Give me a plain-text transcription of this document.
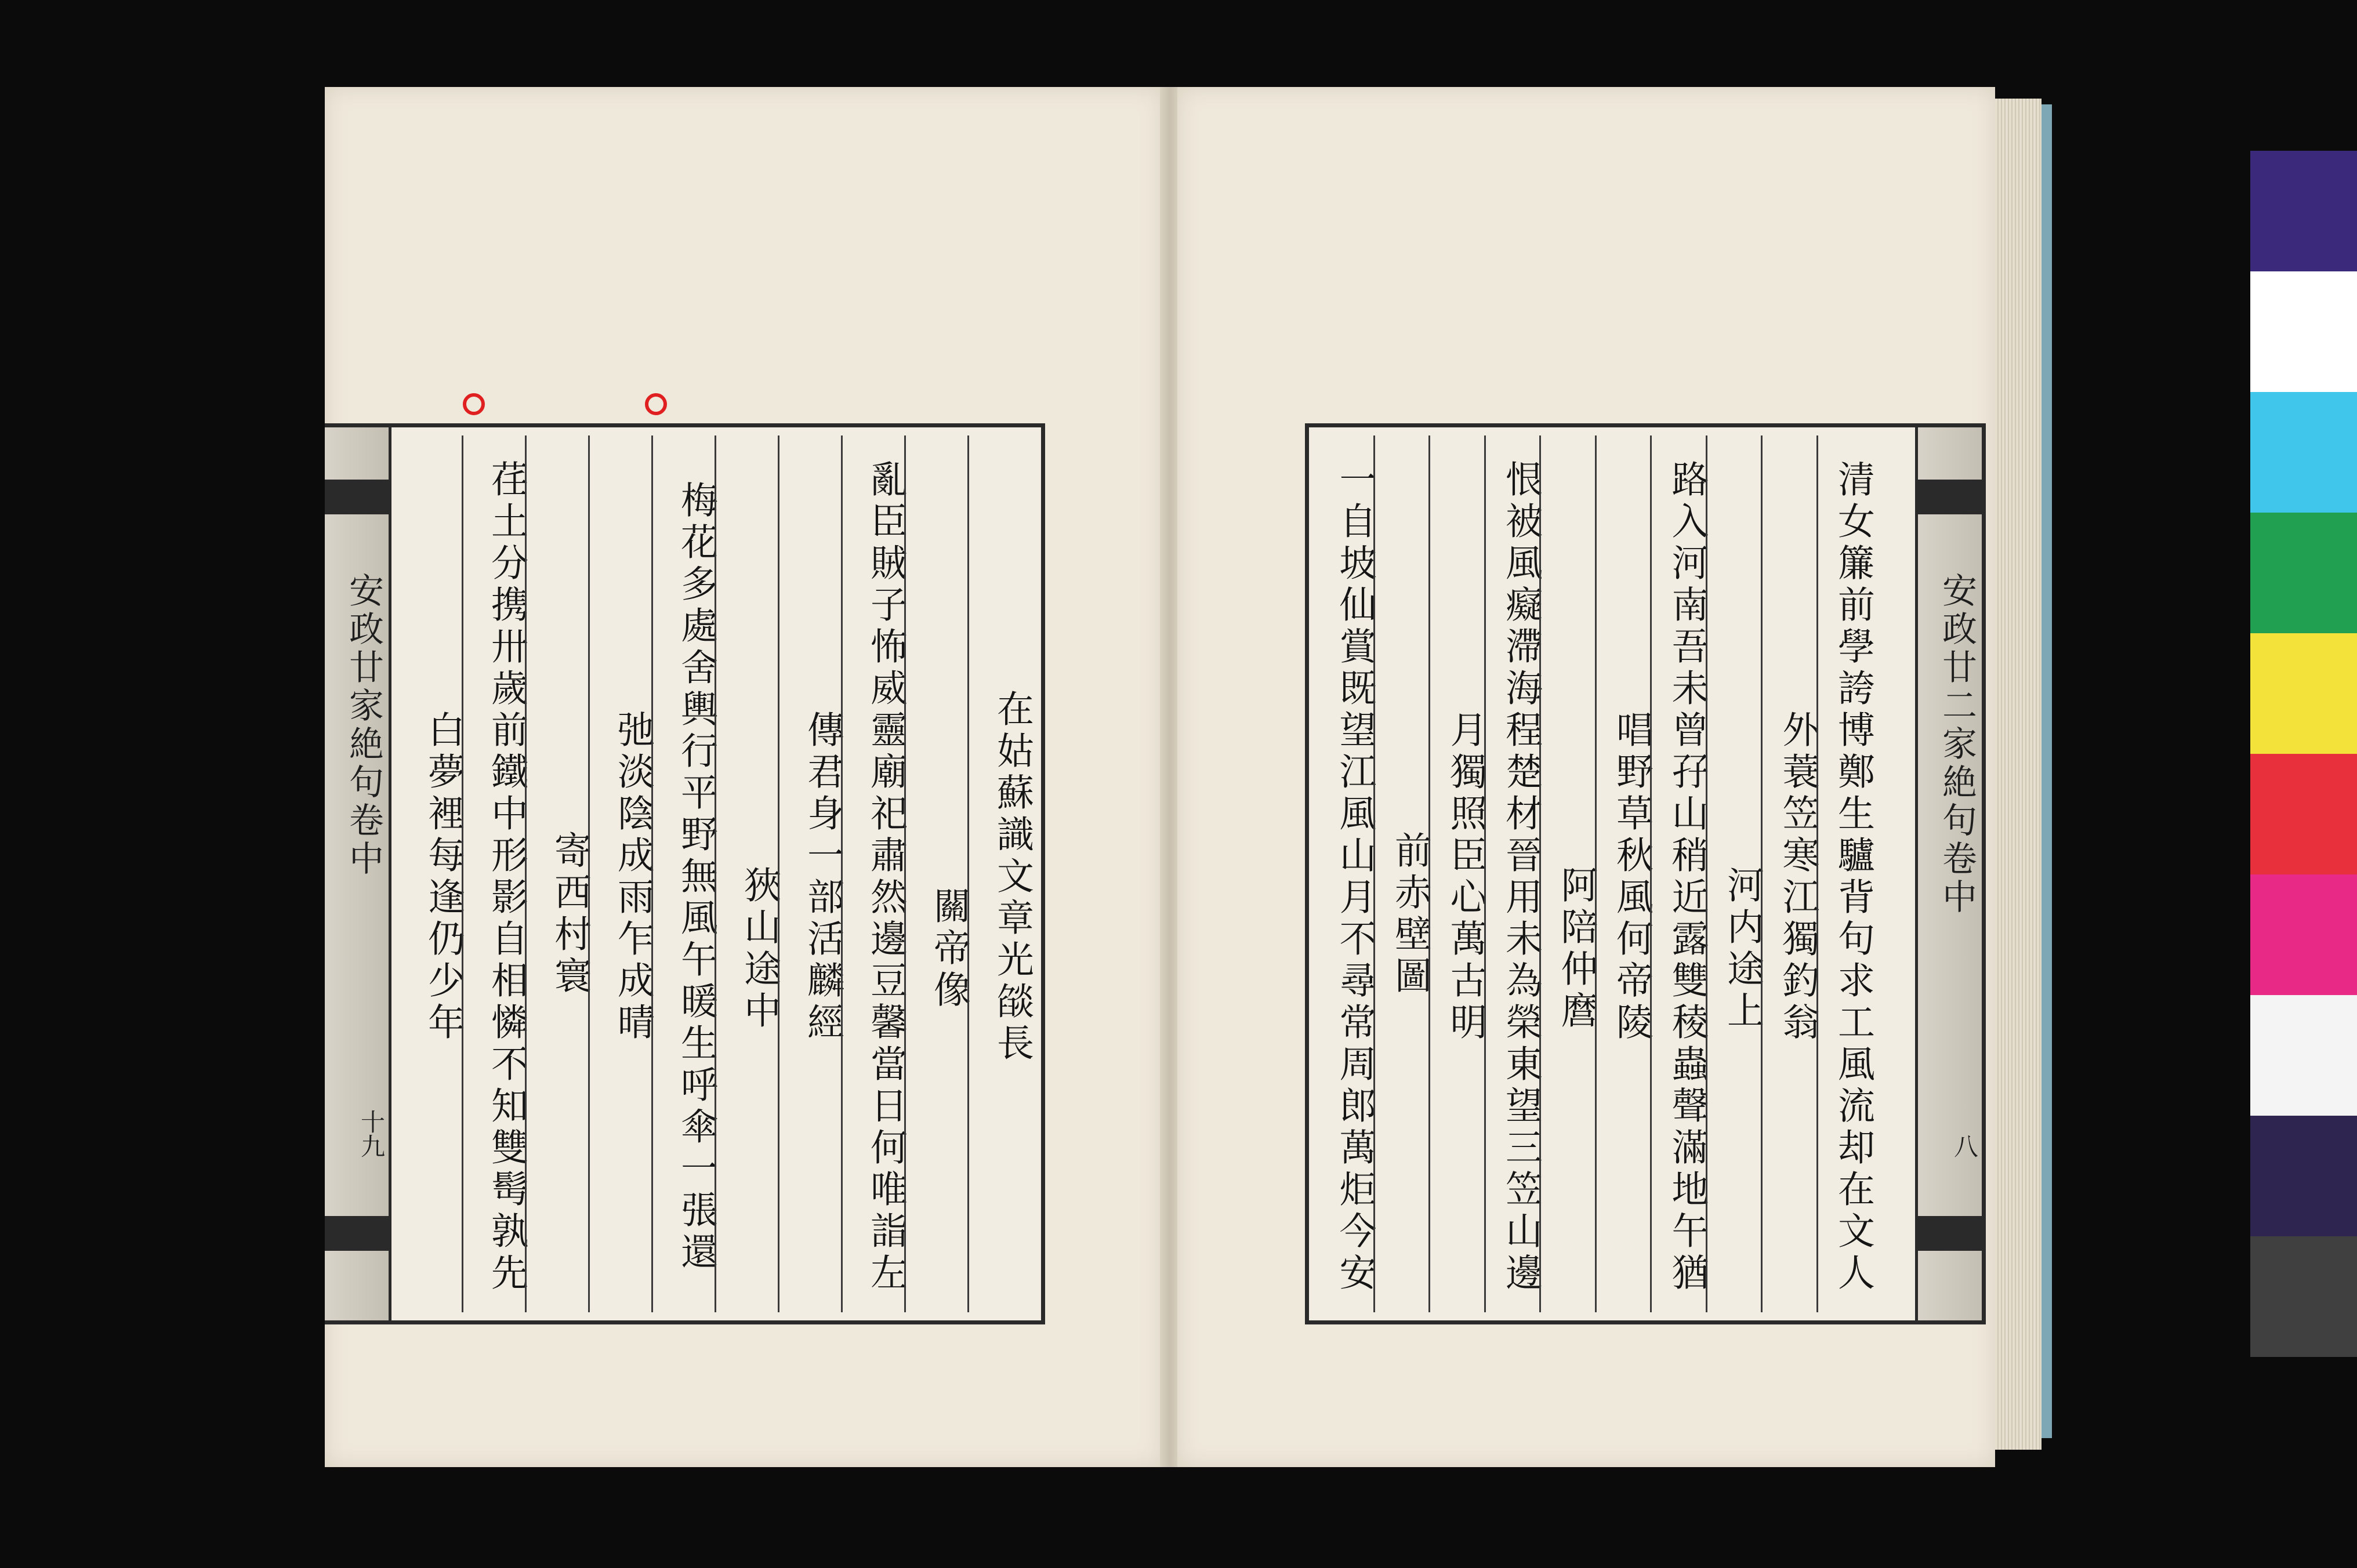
安政廿家絶句卷中
十九
在姑蘇識文章光燄長
關帝像
亂臣賊子怖威靈廟祀肅然邊豆馨當日何唯詣左
傳君身一部活麟經
狹山途中
梅花多處舍輿行平野無風午暖生呼傘一張還
弛淡陰成雨乍成晴
寄西村寰
荏土分携卅歲前鐵中形影自相憐不知雙髩孰先
白夢裡每逢仍少年	清女簾前學誇博鄭生驢背句求工風流却在文人
外蓑笠寒江獨釣翁
河内途上
路入河南吾未曾孖山稍近露雙稜蟲聲滿地午猶
唱野草秋風何帝陵
阿陪仲麿
恨被風癡滯海程楚材晉用未為榮東望三笠山邊
月獨照臣心萬古明
前赤壁圖
一自坡仙賞既望江風山月不尋常周郎萬炬今安	安政廿二家絶句卷中
八
